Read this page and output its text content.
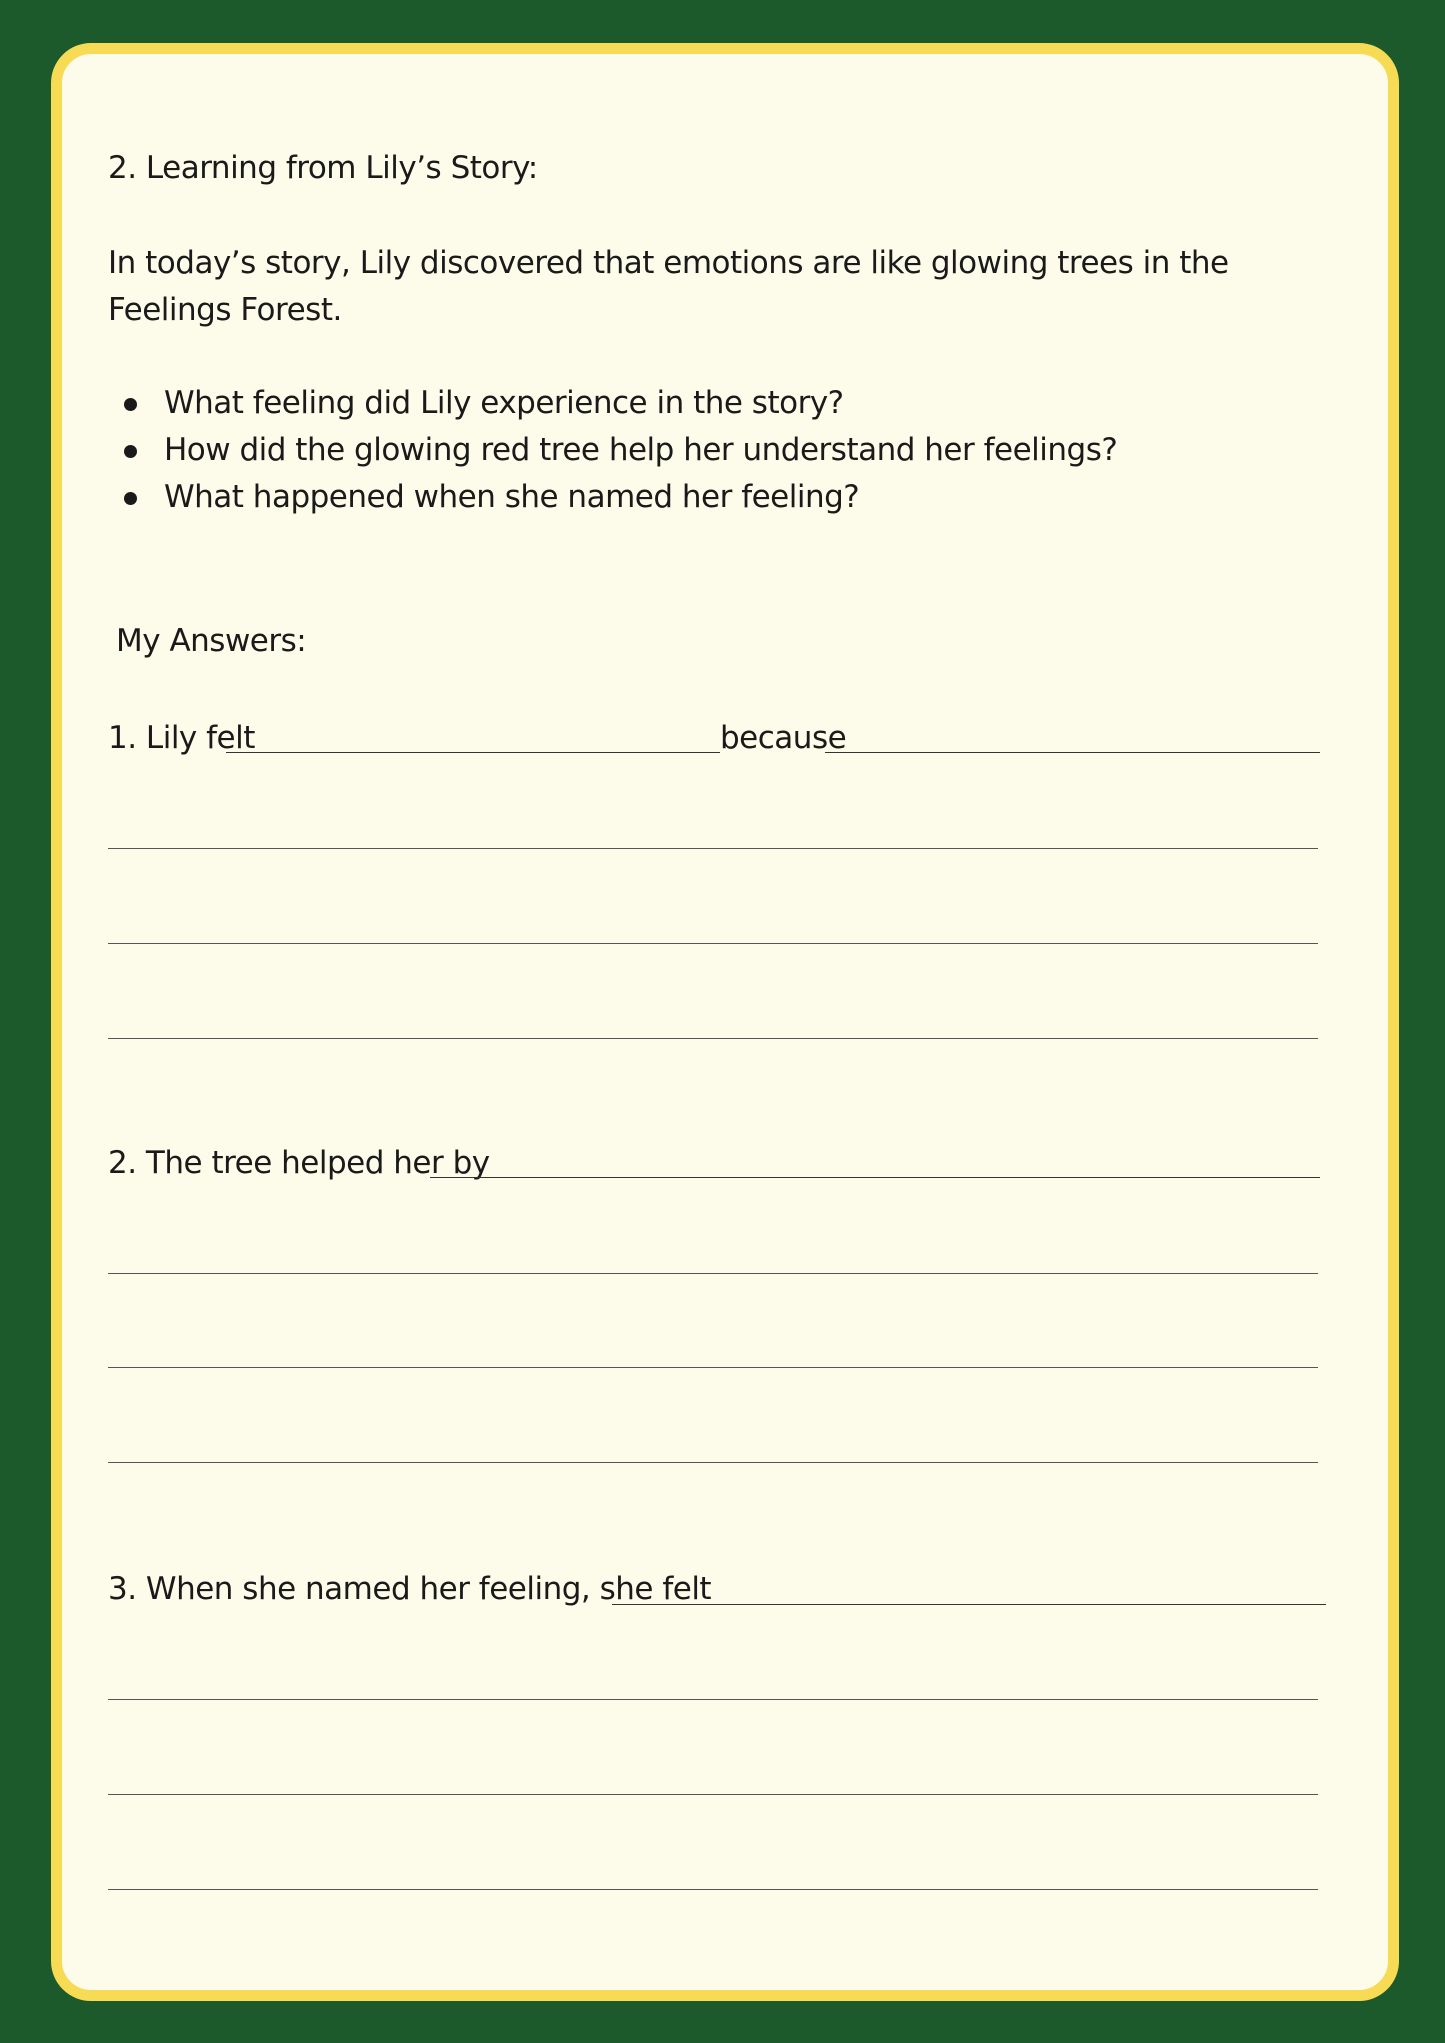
2. Learning from Lily’s Story:
In today’s story, Lily discovered that emotions are like glowing trees in the Feelings Forest.
What feeling did Lily experience in the story?
How did the glowing red tree help her understand her feelings?
What happened when she named her feeling?
My Answers:
1. Lily felt	because
2. The tree helped her by
3. When she named her feeling, she felt
